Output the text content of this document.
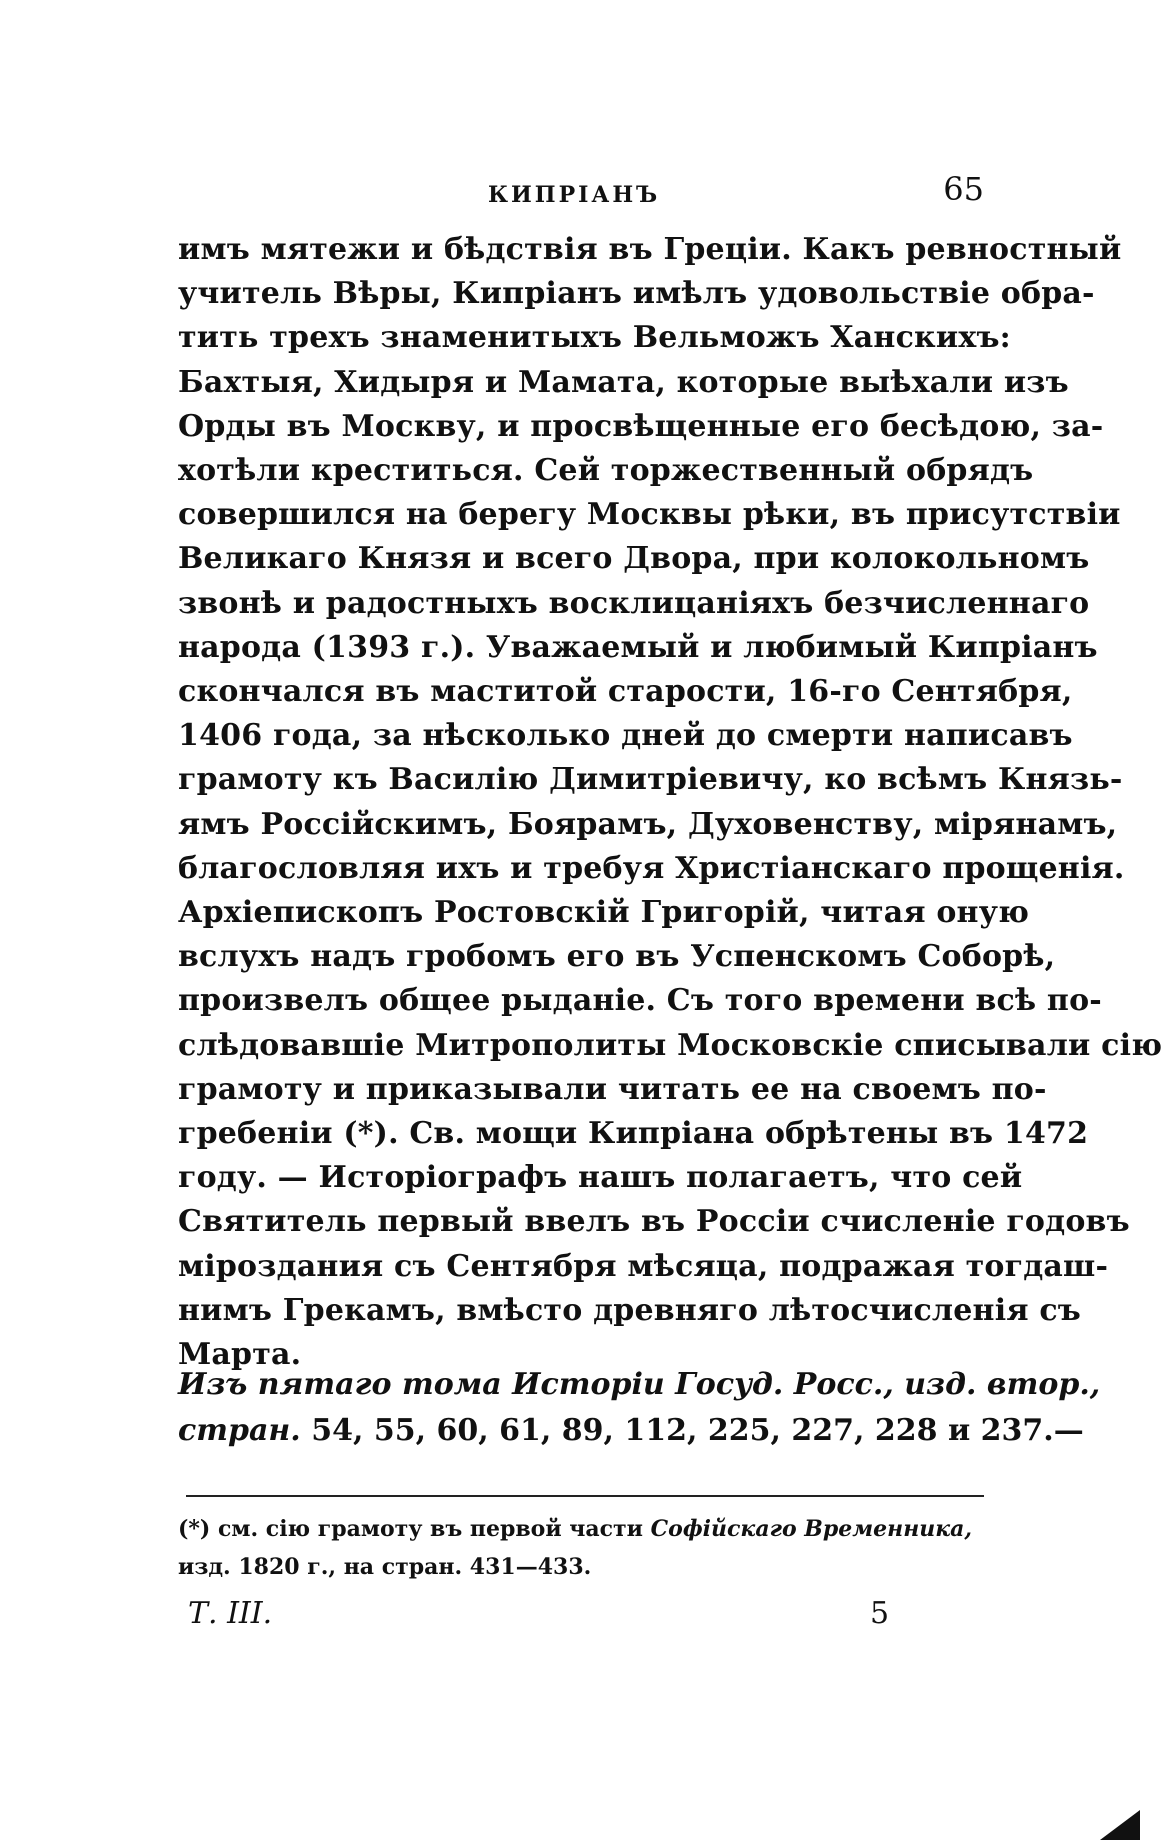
КИПРІАНЪ	65
имъ мятежи и бѣдствія въ Греціи. Какъ ревностный
учитель Вѣры, Кипріанъ имѣлъ удовольствіе обра-
тить трехъ знаменитыхъ Вельможъ Ханскихъ:
Бахтыя, Хидыря и Мамата, которые выѣхали изъ
Орды въ Москву, и просвѣщенные его бесѣдою, за-
хотѣли креститься. Сей торжественный обрядъ
совершился на берегу Москвы рѣки, въ присутствіи
Великаго Князя и всего Двора, при колокольномъ
звонѣ и радостныхъ восклицаніяхъ безчисленнаго
народа (1393 г.). Уважаемый и любимый Кипріанъ
скончался въ маститой старости, 16-го Сентября,
1406 года, за нѣсколько дней до смерти написавъ
грамоту къ Василію Димитріевичу, ко всѣмъ Князь-
ямъ Россійскимъ, Боярамъ, Духовенству, мірянамъ,
благословляя ихъ и требуя Христіанскаго прощенія.
Архіепископъ Ростовскій Григорій, читая оную
вслухъ надъ гробомъ его въ Успенскомъ Соборѣ,
произвелъ общее рыданіе. Съ того времени всѣ по-
слѣдовавшіе Митрополиты Московскіе списывали сію
грамоту и приказывали читать ее на своемъ по-
гребеніи (*). Св. мощи Кипріана обрѣтены въ 1472
году. — Исторіографъ нашъ полагаетъ, что сей
Святитель первый ввелъ въ Россіи счисленіе годовъ
міроздания съ Сентября мѣсяца, подражая тогдаш-
нимъ Грекамъ, вмѣсто древняго лѣтосчисленія съ
Марта.
Изъ пятаго тома Исторіи Госуд. Росс., изд. втор.,
стран. 54, 55, 60, 61, 89, 112, 225, 227, 228 и 237.—
(*) см. сію грамоту въ первой части Софійскаго Временника,
изд. 1820 г., на стран. 431—433.
Т. III.	5
